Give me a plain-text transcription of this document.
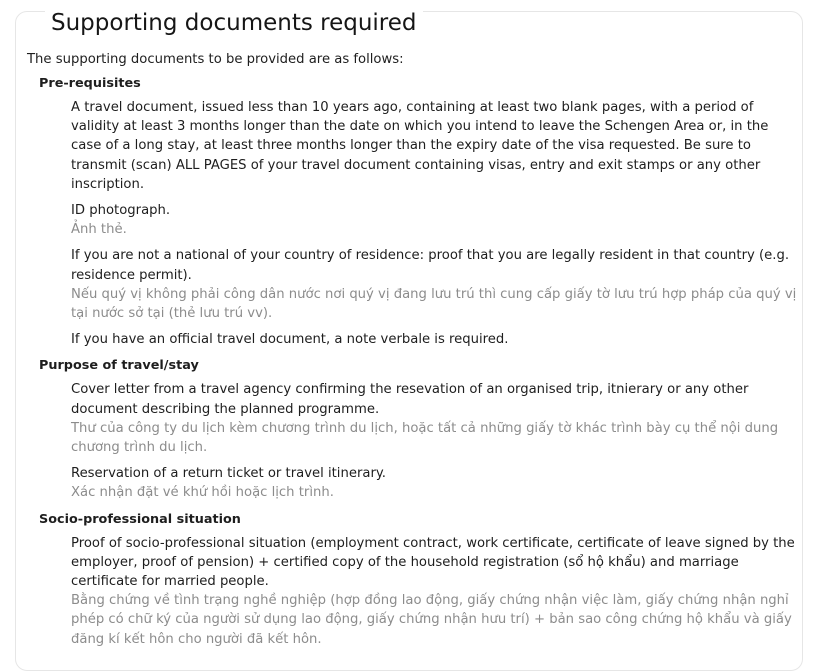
Supporting documents required

The supporting documents to be provided are as follows:

Pre-requisites
A travel document, issued less than 10 years ago, containing at least two blank pages, with a period of validity at least 3 months longer than the date on which you intend to leave the Schengen Area or, in the case of a long stay, at least three months longer than the expiry date of the visa requested. Be sure to transmit (scan) ALL PAGES of your travel document containing visas, entry and exit stamps or any other inscription.
ID photograph.
Ảnh thẻ.
If you are not a national of your country of residence: proof that you are legally resident in that country (e.g. residence permit).
Nếu quý vị không phải công dân nước nơi quý vị đang lưu trú thì cung cấp giấy tờ lưu trú hợp pháp của quý vị tại nước sở tại (thẻ lưu trú vv).
If you have an official travel document, a note verbale is required.
Purpose of travel/stay
Cover letter from a travel agency confirming the resevation of an organised trip, itnierary or any other document describing the planned programme.
Thư của công ty du lịch kèm chương trình du lịch, hoặc tất cả những giấy tờ khác trình bày cụ thể nội dung chương trình du lịch.
Reservation of a return ticket or travel itinerary.
Xác nhận đặt vé khứ hồi hoặc lịch trình.
Socio-professional situation
Proof of socio-professional situation (employment contract, work certificate, certificate of leave signed by the employer, proof of pension) + certified copy of the household registration (sổ hộ khẩu) and marriage certificate for married people.
Bằng chứng về tình trạng nghề nghiệp (hợp đồng lao động, giấy chứng nhận việc làm, giấy chứng nhận nghỉ phép có chữ ký của người sử dụng lao động, giấy chứng nhận hưu trí) + bản sao công chứng hộ khẩu và giấy đăng kí kết hôn cho người đã kết hôn.
